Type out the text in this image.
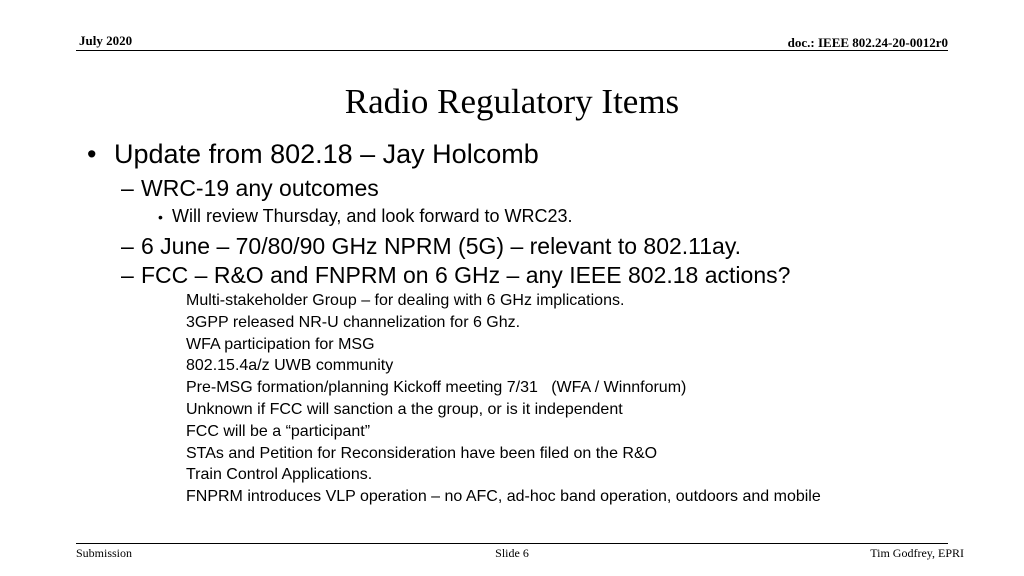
July 2020	doc.: IEEE 802.24-20-0012r0
Radio Regulatory Items
• Update from 802.18 – Jay Holcomb
– WRC-19 any outcomes
• Will review Thursday, and look forward to WRC23.
– 6 June – 70/80/90 GHz NPRM (5G) – relevant to 802.11ay.
– FCC – R&O and FNPRM on 6 GHz – any IEEE 802.18 actions?
Multi-stakeholder Group – for dealing with 6 GHz implications.
3GPP released NR-U channelization for 6 Ghz.
WFA participation for MSG
802.15.4a/z UWB community
Pre-MSG formation/planning Kickoff meeting 7/31   (WFA / Winnforum)
Unknown if FCC will sanction a the group, or is it independent
FCC will be a “participant”
STAs and Petition for Reconsideration have been filed on the R&O
Train Control Applications.
FNPRM introduces VLP operation – no AFC, ad-hoc band operation, outdoors and mobile
Submission	Slide 6	Tim Godfrey, EPRI
